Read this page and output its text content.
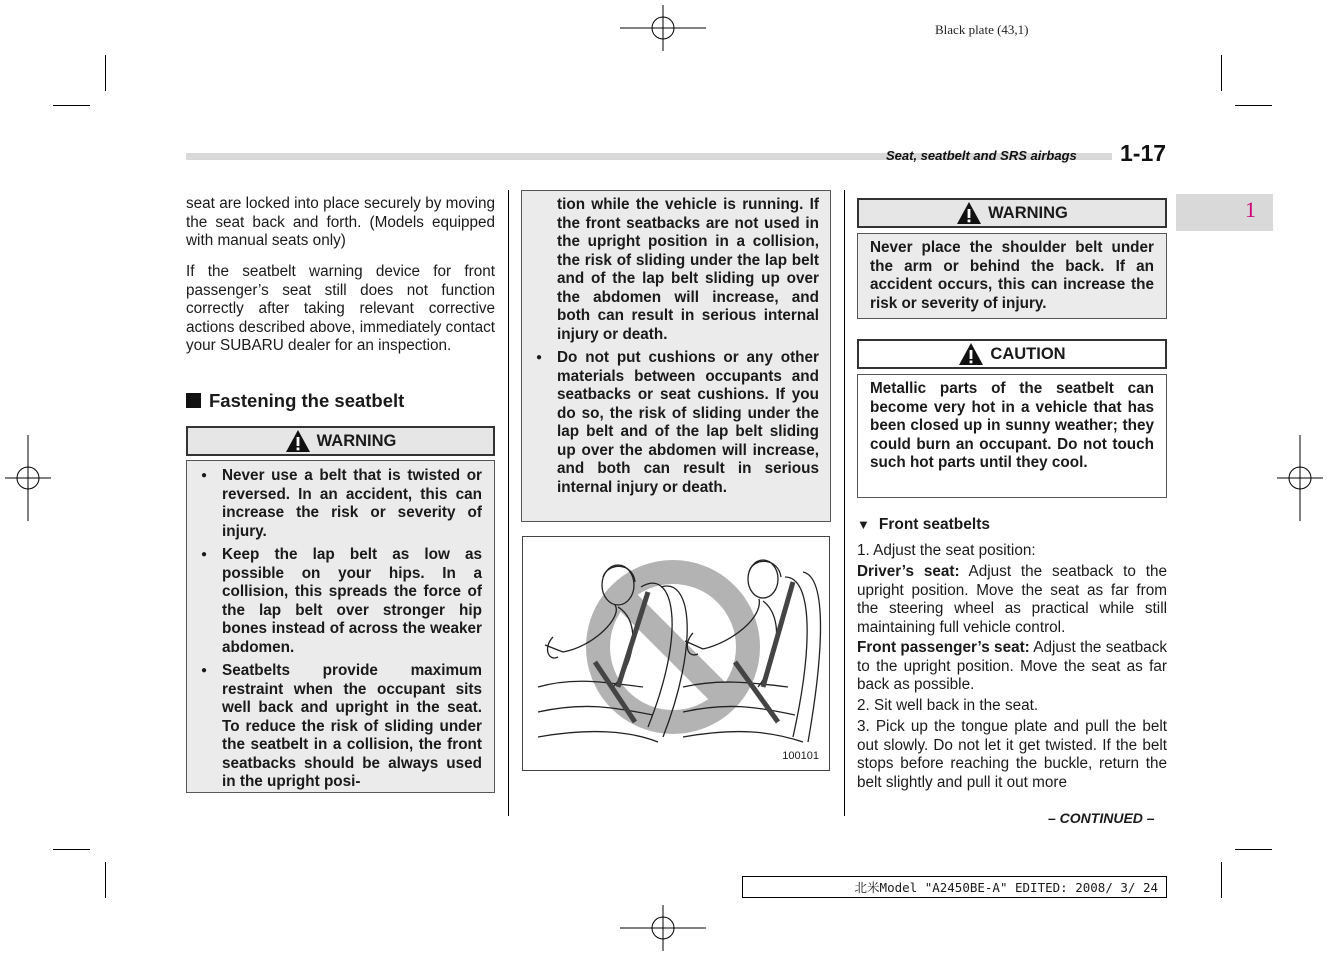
Black plate (43,1)
Seat, seatbelt and SRS airbags 1-17
1

seat are locked into place securely by moving the seat back and forth. (Models equipped with manual seats only)

If the seatbelt warning device for front passenger’s seat still does not function correctly after taking relevant corrective actions described above, immediately contact your SUBARU dealer for an inspection.

Fastening the seatbelt
WARNING
● Never use a belt that is twisted or reversed. In an accident, this can increase the risk or severity of injury.
● Keep the lap belt as low as possible on your hips. In a collision, this spreads the force of the lap belt over stronger hip bones instead of across the weaker abdomen.
● Seatbelts provide maximum restraint when the occupant sits well back and upright in the seat. To reduce the risk of sliding under the seatbelt in a collision, the front seatbacks should be always used in the upright posi-

tion while the vehicle is running. If the front seatbacks are not used in the upright position in a collision, the risk of sliding under the lap belt and of the lap belt sliding up over the abdomen will increase, and both can result in serious internal injury or death.

● Do not put cushions or any other materials between occupants and seatbacks or seat cushions. If you do so, the risk of sliding under the lap belt and of the lap belt sliding up over the abdomen will increase, and both can result in serious internal injury or death.
100101
WARNING

Never place the shoulder belt under the arm or behind the back. If an accident occurs, this can increase the risk or severity of injury.

CAUTION

Metallic parts of the seatbelt can become very hot in a vehicle that has been closed up in sunny weather; they could burn an occupant. Do not touch such hot parts until they cool.

▼ Front seatbelts

1. Adjust the seat position:

Driver’s seat: Adjust the seatback to the upright position. Move the seat as far from the steering wheel as practical while still maintaining full vehicle control.

Front passenger’s seat: Adjust the seatback to the upright position. Move the seat as far back as possible.

2. Sit well back in the seat.

3. Pick up the tongue plate and pull the belt out slowly. Do not let it get twisted. If the belt stops before reaching the buckle, return the belt slightly and pull it out more

– CONTINUED –
北米Model "A2450BE-A" EDITED: 2008/ 3/ 24
